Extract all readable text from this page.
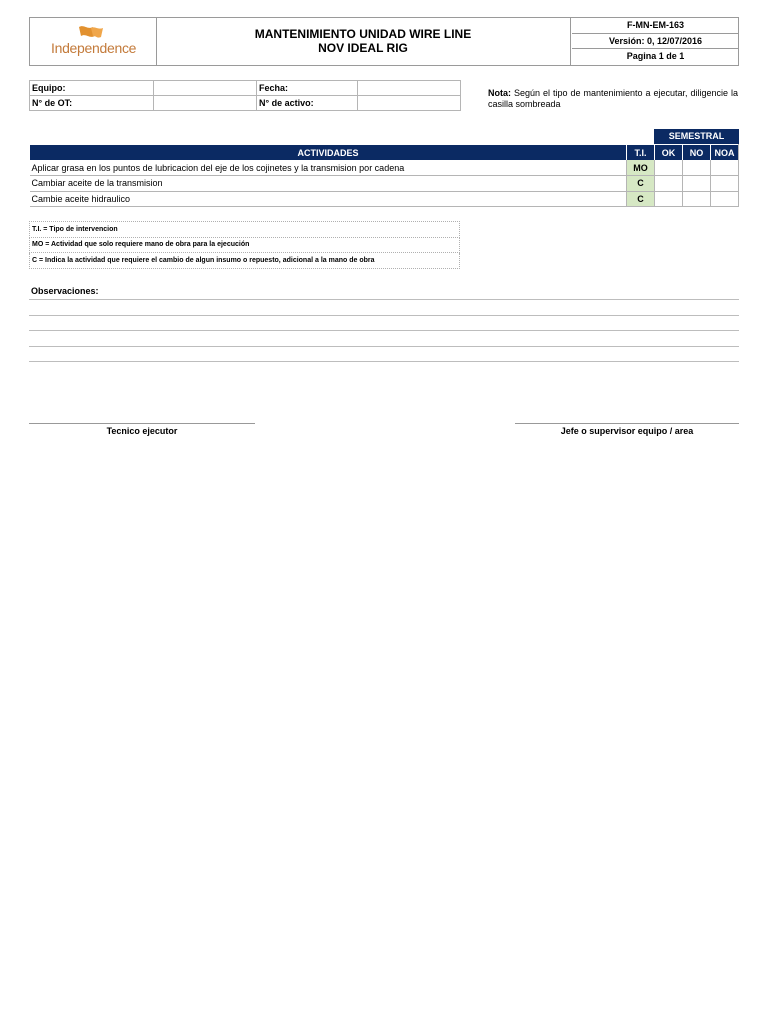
Independence
MANTENIMIENTO UNIDAD WIRE LINE
NOV IDEAL RIG
F-MN-EM-163
Versión: 0, 12/07/2016
Pagina 1 de 1
Equipo:		Fecha:	
N° de OT:		N° de activo:	
Nota: Según el tipo de mantenimiento a ejecutar, diligencie la casilla sombreada
SEMESTRAL
ACTIVIDADES	T.I.	OK	NO	NOA
Aplicar grasa en los puntos de lubricacion del eje de los cojinetes y la transmision por cadena	MO			
Cambiar aceite de la transmision	C			
Cambie aceite hidraulico	C			
T.I. = Tipo de intervencion
MO = Actividad que solo requiere mano de obra para la ejecución
C = Indica la actividad que requiere el cambio de algun insumo o repuesto, adicional a la mano de obra
Observaciones:
Tecnico ejecutor	Jefe o supervisor equipo / area
